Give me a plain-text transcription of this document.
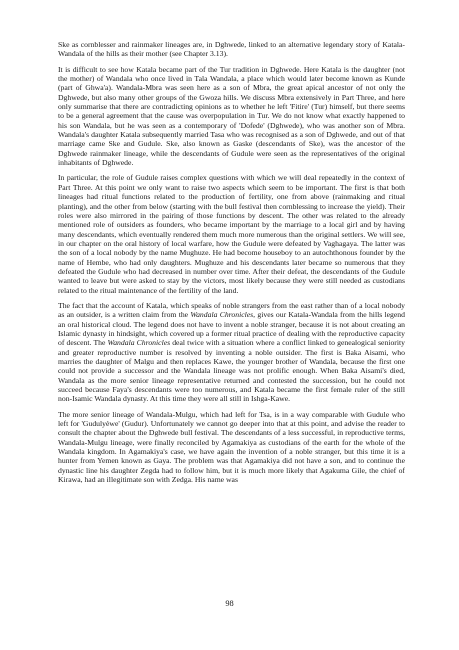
Ske as cornblesser and rainmaker lineages are, in Dghwede, linked to an alternative legendary story of Katala-Wandala of the hills as their mother (see Chapter 3.13).

It is difficult to see how Katala became part of the Tur tradition in Dghwede. Here Katala is the daughter (not the mother) of Wandala who once lived in Tala Wandala, a place which would later become known as Kunde (part of Ghwa'a). Wandala-Mbra was seen here as a son of Mbra, the great apical ancestor of not only the Dghwede, but also many other groups of the Gwoza hills. We discuss Mbra extensively in Part Three, and here only summarise that there are contradicting opinions as to whether he left 'Fitire' (Tur) himself, but there seems to be a general agreement that the cause was overpopulation in Tur. We do not know what exactly happened to his son Wandala, but he was seen as a contemporary of 'Dofede' (Dghwede), who was another son of Mbra. Wandala's daughter Katala subsequently married Tasa who was recognised as a son of Dghwede, and out of that marriage came Ske and Gudule. Ske, also known as Gaske (descendants of Ske), was the ancestor of the Dghwede rainmaker lineage, while the descendants of Gudule were seen as the representatives of the original inhabitants of Dghwede.

In particular, the role of Gudule raises complex questions with which we will deal repeatedly in the context of Part Three. At this point we only want to raise two aspects which seem to be important. The first is that both lineages had ritual functions related to the production of fertility, one from above (rainmaking and ritual planting), and the other from below (starting with the bull festival then cornblessing to increase the yield). Their roles were also mirrored in the pairing of those functions by descent. The other was related to the already mentioned role of outsiders as founders, who became important by the marriage to a local girl and by having many descendants, which eventually rendered them much more numerous than the original settlers. We will see, in our chapter on the oral history of local warfare, how the Gudule were defeated by Vaghagaya. The latter was the son of a local nobody by the name Mughuze. He had become houseboy to an autochthonous founder by the name of Hembe, who had only daughters. Mughuze and his descendants later became so numerous that they defeated the Gudule who had decreased in number over time. After their defeat, the descendants of the Gudule wanted to leave but were asked to stay by the victors, most likely because they were still needed as custodians related to the ritual maintenance of the fertility of the land.

The fact that the account of Katala, which speaks of noble strangers from the east rather than of a local nobody as an outsider, is a written claim from the Wandala Chronicles, gives our Katala-Wandala from the hills legend an oral historical cloud. The legend does not have to invent a noble stranger, because it is not about creating an Islamic dynasty in hindsight, which covered up a former ritual practice of dealing with the reproductive capacity of descent. The Wandala Chronicles deal twice with a situation where a conflict linked to genealogical seniority and greater reproductive number is resolved by inventing a noble outsider. The first is Baka Aisami, who marries the daughter of Malgu and then replaces Kawe, the younger brother of Wandala, because the first one could not provide a successor and the Wandala lineage was not prolific enough. When Baka Aisami's died, Wandala as the more senior lineage representative returned and contested the succession, but he could not succeed because Faya's descendants were too numerous, and Katala became the first female ruler of the still non-Isamic Wandala dynasty. At this time they were all still in Ishga-Kawe.

The more senior lineage of Wandala-Mulgu, which had left for Tsa, is in a way comparable with Gudule who left for 'Gudulyèwe' (Gudur). Unfortunately we cannot go deeper into that at this point, and advise the reader to consult the chapter about the Dghwede bull festival. The descendants of a less successful, in reproductive terms, Wandala-Mulgu lineage, were finally reconciled by Agamakiya as custodians of the earth for the whole of the Wandala kingdom. In Agamakiya's case, we have again the invention of a noble stranger, but this time it is a hunter from Yemen known as Gaya. The problem was that Agamakiya did not have a son, and to continue the dynastic line his daughter Zegda had to follow him, but it is much more likely that Agakuma Gile, the chief of Kirawa, had an illegitimate son with Zedga. His name was

98
